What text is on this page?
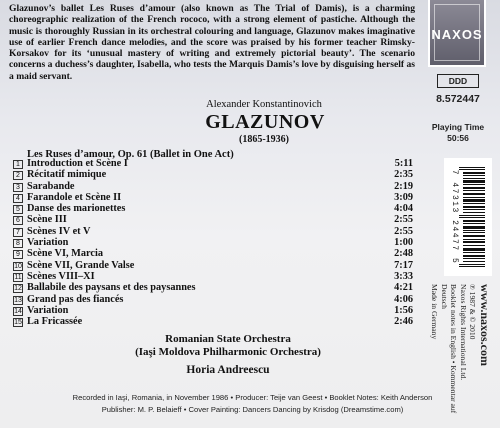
Glazunov’s ballet Les Ruses d’amour (also known as The Trial of Damis), is a charming choreographic realization of the French rococo, with a strong element of pastiche. Although the music is thoroughly Russian in its orchestral colouring and language, Glazunov makes imaginative use of earlier French dance melodies, and the score was praised by his former teacher Rimsky-Korsakov for its ‘unusual mastery of writing and extremely pictorial beauty’. The scenario concerns a duchess’s daughter, Isabella, who tests the Marquis Damis’s love by disguising herself as a maid servant.

Alexander Konstantinovich
GLAZUNOV
(1865-1936)
Les Ruses d’amour, Op. 61 (Ballet in One Act)
1 Introduction et Scène I	5:11
2 Récitatif mimique	2:35
3 Sarabande	2:19
4 Farandole et Scène II	3:09
5 Danse des marionettes	4:04
6 Scène III	2:55
7 Scènes IV et V	2:55
8 Variation	1:00
9 Scène VI, Marcia	2:48
10 Scène VII, Grande Valse	7:17
11 Scènes VIII–XI	3:33
12 Ballabile des paysans et des paysannes	4:21
13 Grand pas des fiancés	4:06
14 Variation	1:56
15 La Fricassée	2:46
Romanian State Orchestra
(Iaşi Moldova Philharmonic Orchestra)
Horia Andreescu
Recorded in Iaşi, Romania, in November 1986 • Producer: Teije van Geest • Booklet Notes: Keith Anderson
Publisher: M. P. Belaieff • Cover Painting: Dancers Dancing by Krisdog (Dreamstime.com)
NAXOS
DDD
8.572447
Playing Time
50:56
7 47313 24477 5
www.naxos.com
℗ 1987 & © 2010
Naxos Rights International Ltd.
Booklet notes in English • Kommentar auf Deutsch
Made in Germany
